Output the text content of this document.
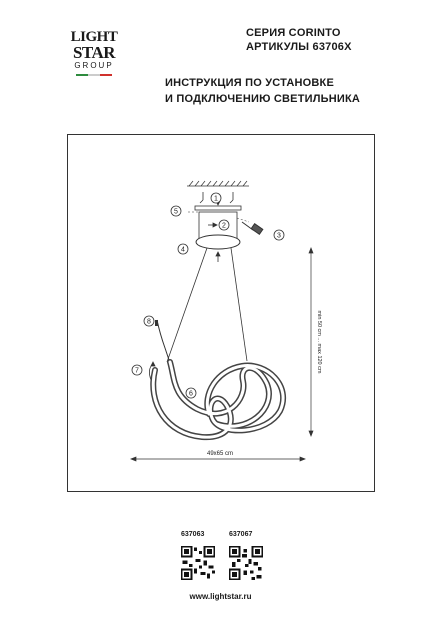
LIGHT
STAR
GROUP
СЕРИЯ CORINTO
АРТИКУЛЫ 63706X
ИНСТРУКЦИЯ ПО УСТАНОВКЕ
И ПОДКЛЮЧЕНИЮ СВЕТИЛЬНИКА
1
2
3
4
5
6
7
8	min 50 cm ... max 120 cm
49x65 cm
637063	637067
www.lightstar.ru
